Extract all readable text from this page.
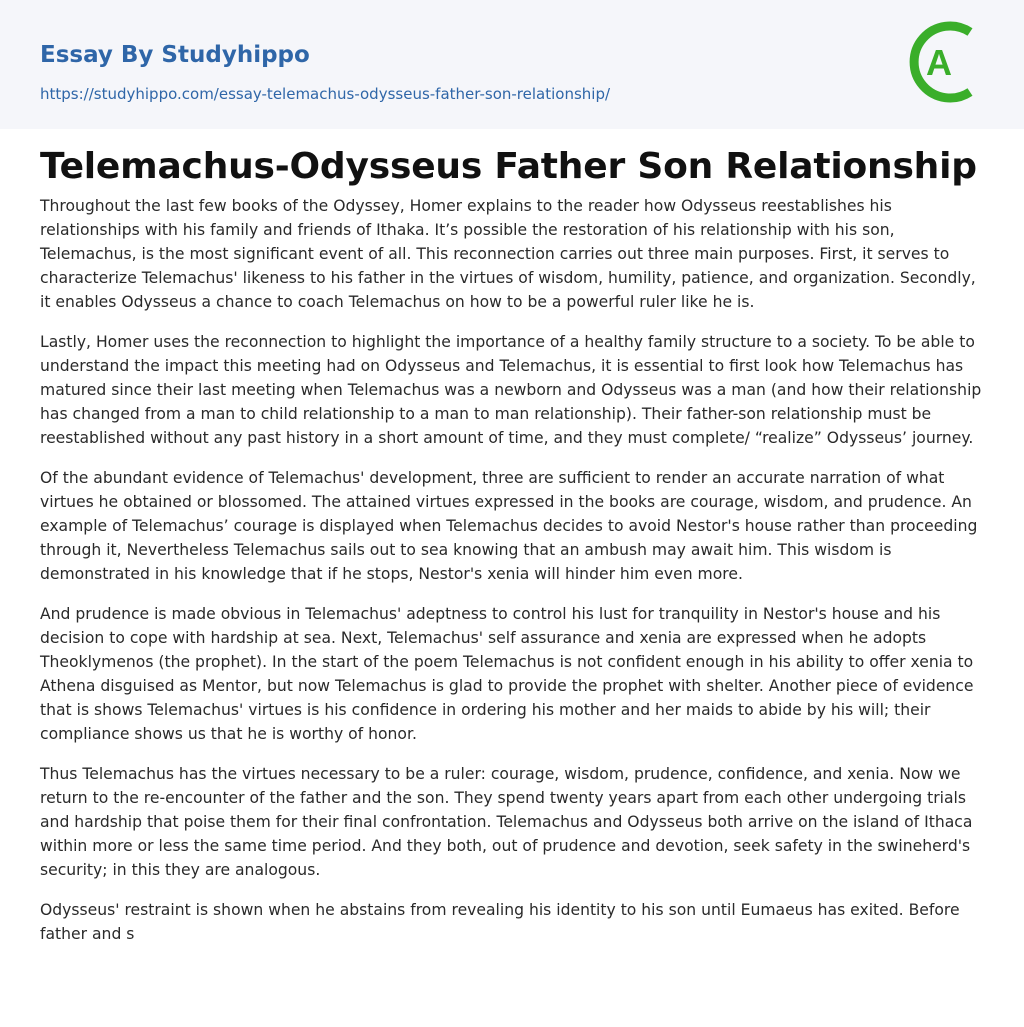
Essay By Studyhippo
https://studyhippo.com/essay-telemachus-odysseus-father-son-relationship/
A
Telemachus-Odysseus Father Son Relationship

Throughout the last few books of the Odyssey, Homer explains to the reader how Odysseus reestablishes his relationships with his family and friends of Ithaka. It’s possible the restoration of his relationship with his son, Telemachus, is the most significant event of all. This reconnection carries out three main purposes. First, it serves to characterize Telemachus' likeness to his father in the virtues of wisdom, humility, patience, and organization. Secondly, it enables Odysseus a chance to coach Telemachus on how to be a powerful ruler like he is.

Lastly, Homer uses the reconnection to highlight the importance of a healthy family structure to a society. To be able to understand the impact this meeting had on Odysseus and Telemachus, it is essential to first look how Telemachus has matured since their last meeting when Telemachus was a newborn and Odysseus was a man (and how their relationship has changed from a man to child relationship to a man to man relationship). Their father-son relationship must be reestablished without any past history in a short amount of time, and they must complete/ “realize” Odysseus’ journey.

Of the abundant evidence of Telemachus' development, three are sufficient to render an accurate narration of what virtues he obtained or blossomed. The attained virtues expressed in the books are courage, wisdom, and prudence. An example of Telemachus’ courage is displayed when Telemachus decides to avoid Nestor's house rather than proceeding through it, Nevertheless Telemachus sails out to sea knowing that an ambush may await him. This wisdom is demonstrated in his knowledge that if he stops, Nestor's xenia will hinder him even more.

And prudence is made obvious in Telemachus' adeptness to control his lust for tranquility in Nestor's house and his decision to cope with hardship at sea. Next, Telemachus' self assurance and xenia are expressed when he adopts Theoklymenos (the prophet). In the start of the poem Telemachus is not confident enough in his ability to offer xenia to Athena disguised as Mentor, but now Telemachus is glad to provide the prophet with shelter. Another piece of evidence that is shows Telemachus' virtues is his confidence in ordering his mother and her maids to abide by his will; their compliance shows us that he is worthy of honor.

Thus Telemachus has the virtues necessary to be a ruler: courage, wisdom, prudence, confidence, and xenia. Now we return to the re-encounter of the father and the son. They spend twenty years apart from each other undergoing trials and hardship that poise them for their final confrontation. Telemachus and Odysseus both arrive on the island of Ithaca within more or less the same time period. And they both, out of prudence and devotion, seek safety in the swineherd's security; in this they are analogous.

Odysseus' restraint is shown when he abstains from revealing his identity to his son until Eumaeus has exited. Before father and s
